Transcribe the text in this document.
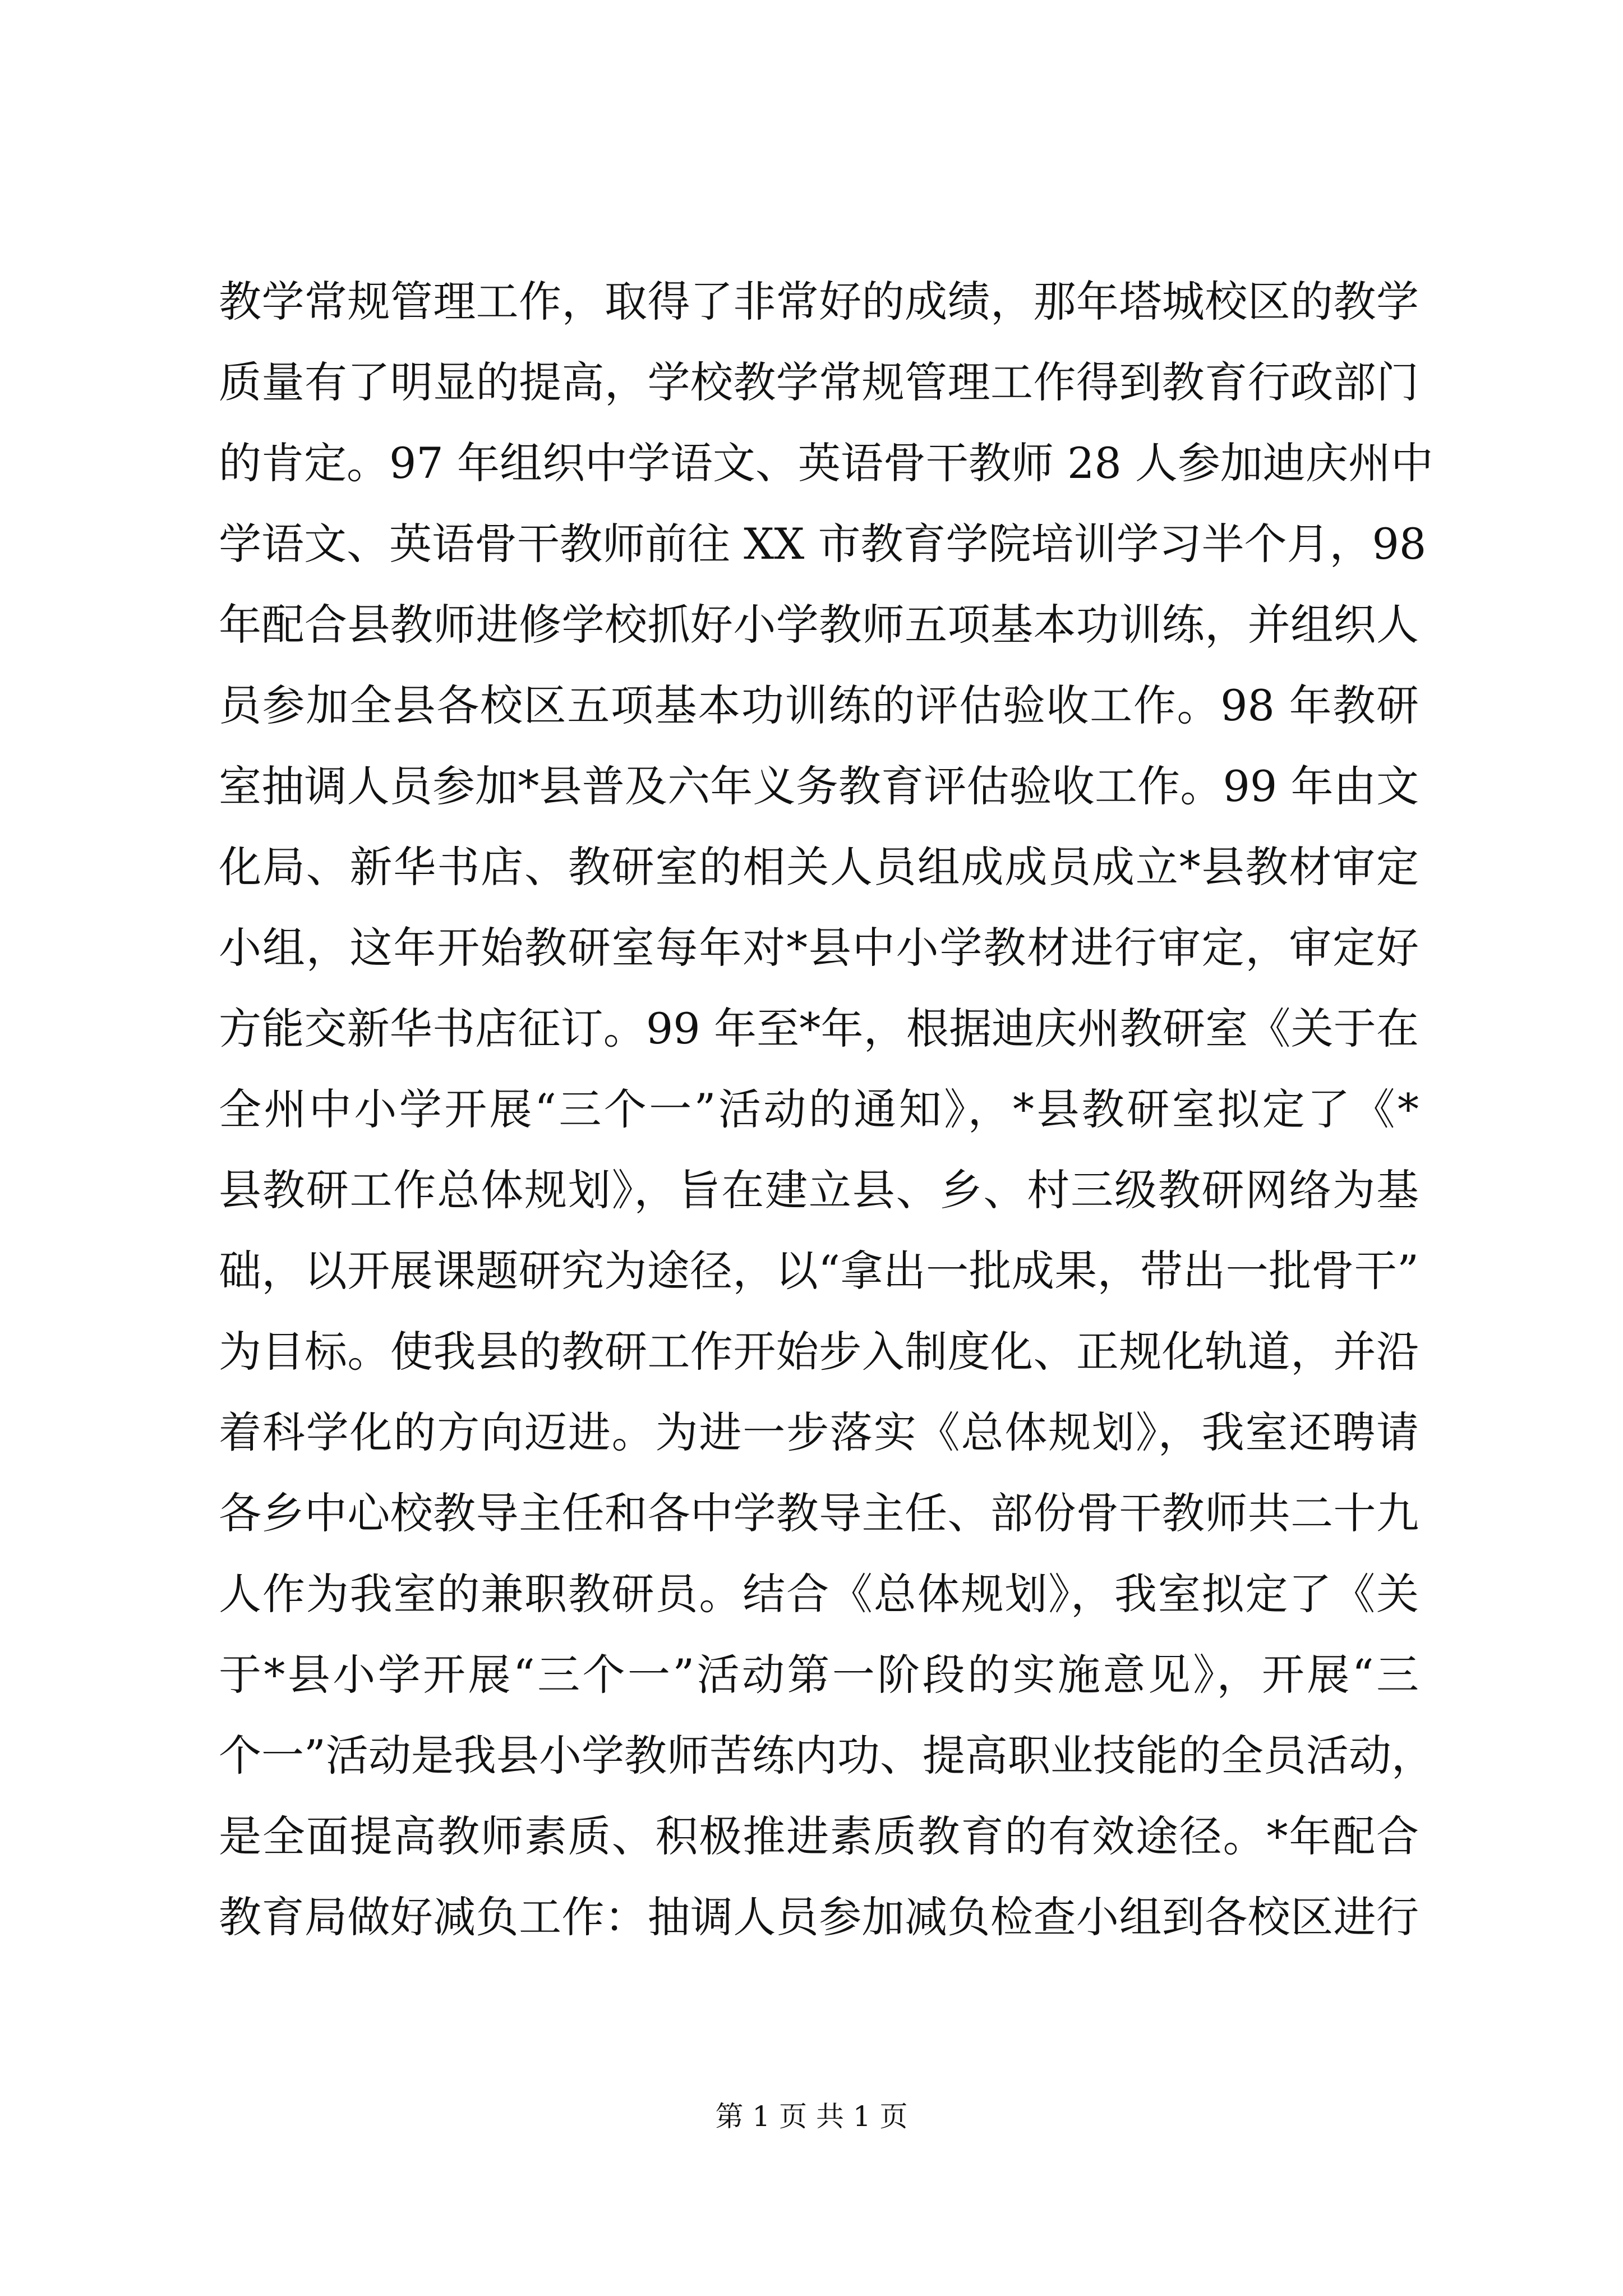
教学常规管理工作，取得了非常好的成绩，那年塔城校区的教学
质量有了明显的提高，学校教学常规管理工作得到教育行政部门
的肯定。97 年组织中学语文、英语骨干教师 28 人参加迪庆州中
学语文、英语骨干教师前往 XX 市教育学院培训学习半个月，98
年配合县教师进修学校抓好小学教师五项基本功训练，并组织人
员参加全县各校区五项基本功训练的评估验收工作。98 年教研
室抽调人员参加*县普及六年义务教育评估验收工作。99 年由文
化局、新华书店、教研室的相关人员组成成员成立*县教材审定
小组，这年开始教研室每年对*县中小学教材进行审定，审定好
方能交新华书店征订。99 年至*年，根据迪庆州教研室《关于在
全州中小学开展“三个一”活动的通知》，*县教研室拟定了《*
县教研工作总体规划》，旨在建立县、乡、村三级教研网络为基
础，以开展课题研究为途径，以“拿出一批成果，带出一批骨干”
为目标。使我县的教研工作开始步入制度化、正规化轨道，并沿
着科学化的方向迈进。为进一步落实《总体规划》，我室还聘请
各乡中心校教导主任和各中学教导主任、部份骨干教师共二十九
人作为我室的兼职教研员。结合《总体规划》，我室拟定了《关
于*县小学开展“三个一”活动第一阶段的实施意见》，开展“三
个一”活动是我县小学教师苦练内功、提高职业技能的全员活动，
是全面提高教师素质、积极推进素质教育的有效途径。*年配合
教育局做好减负工作：抽调人员参加减负检查小组到各校区进行
第 1 页 共 1 页
